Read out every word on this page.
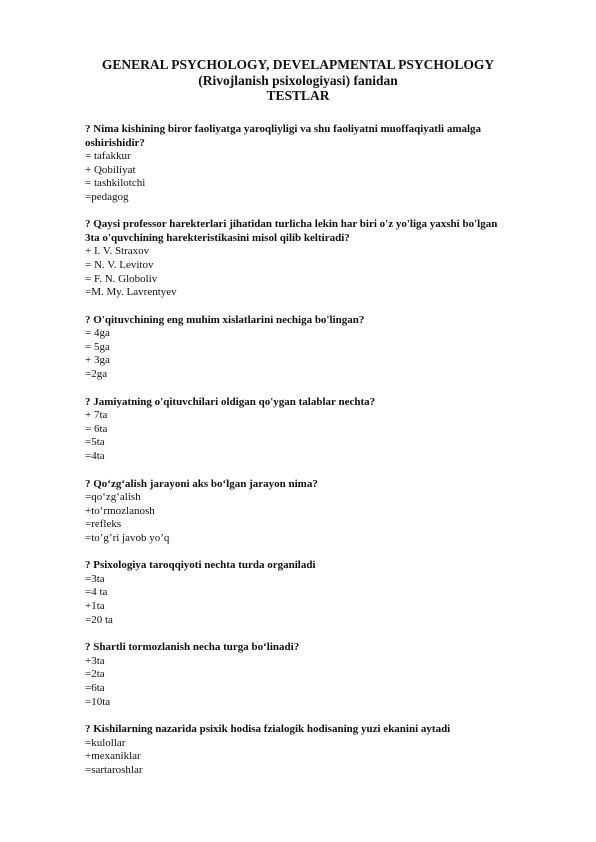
GENERAL PSYCHOLOGY, DEVELAPMENTAL PSYCHOLOGY
(Rivojlanish psixologiyasi) fanidan
TESTLAR
? Nima kishining biror faoliyatga yaroqliyligi va shu faoliyatni muoffaqiyatli amalga
oshirishidir?
= tafakkur
+ Qobiliyat
= tashkilotchi
=pedagog
? Qaysi professor harekterlari jihatidan turlicha lekin har biri o'z yo'liga yaxshi bo'lgan
3ta o'quvchining harekteristikasini misol qilib keltiradi?
+ I. V. Straxov
= N. V. Levitov
= F. N. Globoliv
=M. My. Lavrentyev
? O'qituvchining eng muhim xislatlarini nechiga bo'lingan?
= 4ga
= 5ga
+ 3ga
=2ga
? Jamiyatning o'qituvchilari oldigan qo'ygan talablar nechta?
+ 7ta
= 6ta
=5ta
=4ta
? Qo‘zg‘alish jarayoni aks bo‘lgan jarayon nima?
=qo‘zg‘alish
+to‘rmozlanosh
=refleks
=to’g’ri javob yo’q
? Psixologiya taroqqiyoti nechta turda organiladi
=3ta
=4 ta
+1ta
=20 ta
? Shartli tormozlanish necha turga bo‘linadi?
+3ta
=2ta
=6ta
=10ta
? Kishilarning nazarida psixik hodisa fzialogik hodisaning yuzi ekanini aytadi
=kulollar
+mexaniklar
=sartaroshlar
